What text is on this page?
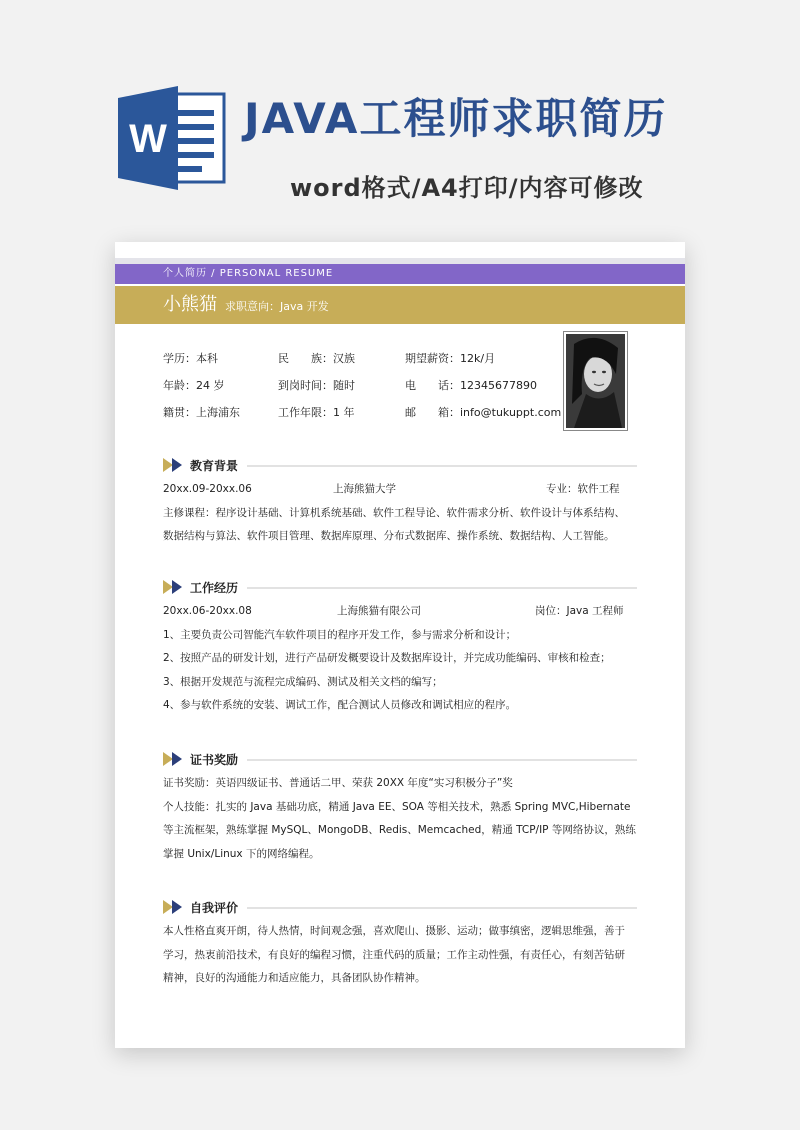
W JAVA工程师求职简历
word格式/A4打印/内容可修改
个人简历 / PERSONAL RESUME
小熊猫 求职意向：Java 开发
学历：本科	民　　族：汉族	期望薪资：12k/月
年龄：24 岁	到岗时间：随时	电　　话：12345677890
籍贯：上海浦东	工作年限：1 年	邮　　箱：info@tukuppt.com
教育背景
20xx.09-20xx.06	上海熊猫大学	专业：软件工程
主修课程：程序设计基础、计算机系统基础、软件工程导论、软件需求分析、软件设计与体系结构、
数据结构与算法、软件项目管理、数据库原理、分布式数据库、操作系统、数据结构、人工智能。
工作经历
20xx.06-20xx.08	上海熊猫有限公司	岗位：Java 工程师
1、主要负责公司智能汽车软件项目的程序开发工作，参与需求分析和设计；
2、按照产品的研发计划，进行产品研发概要设计及数据库设计，并完成功能编码、审核和检查；
3、根据开发规范与流程完成编码、测试及相关文档的编写；
4、参与软件系统的安装、调试工作，配合测试人员修改和调试相应的程序。
证书奖励
证书奖励：英语四级证书、普通话二甲、荣获 20XX 年度“实习积极分子”奖
个人技能：扎实的 Java 基础功底，精通 Java EE、SOA 等相关技术，熟悉 Spring MVC,Hibernate
等主流框架，熟练掌握 MySQL、MongoDB、Redis、Memcached，精通 TCP/IP 等网络协议，熟练
掌握 Unix/Linux 下的网络编程。
自我评价
本人性格直爽开朗，待人热情，时间观念强，喜欢爬山、摄影、运动；做事缜密，逻辑思维强，善于
学习，热衷前沿技术，有良好的编程习惯，注重代码的质量；工作主动性强，有责任心，有刻苦钻研
精神，良好的沟通能力和适应能力，具备团队协作精神。
